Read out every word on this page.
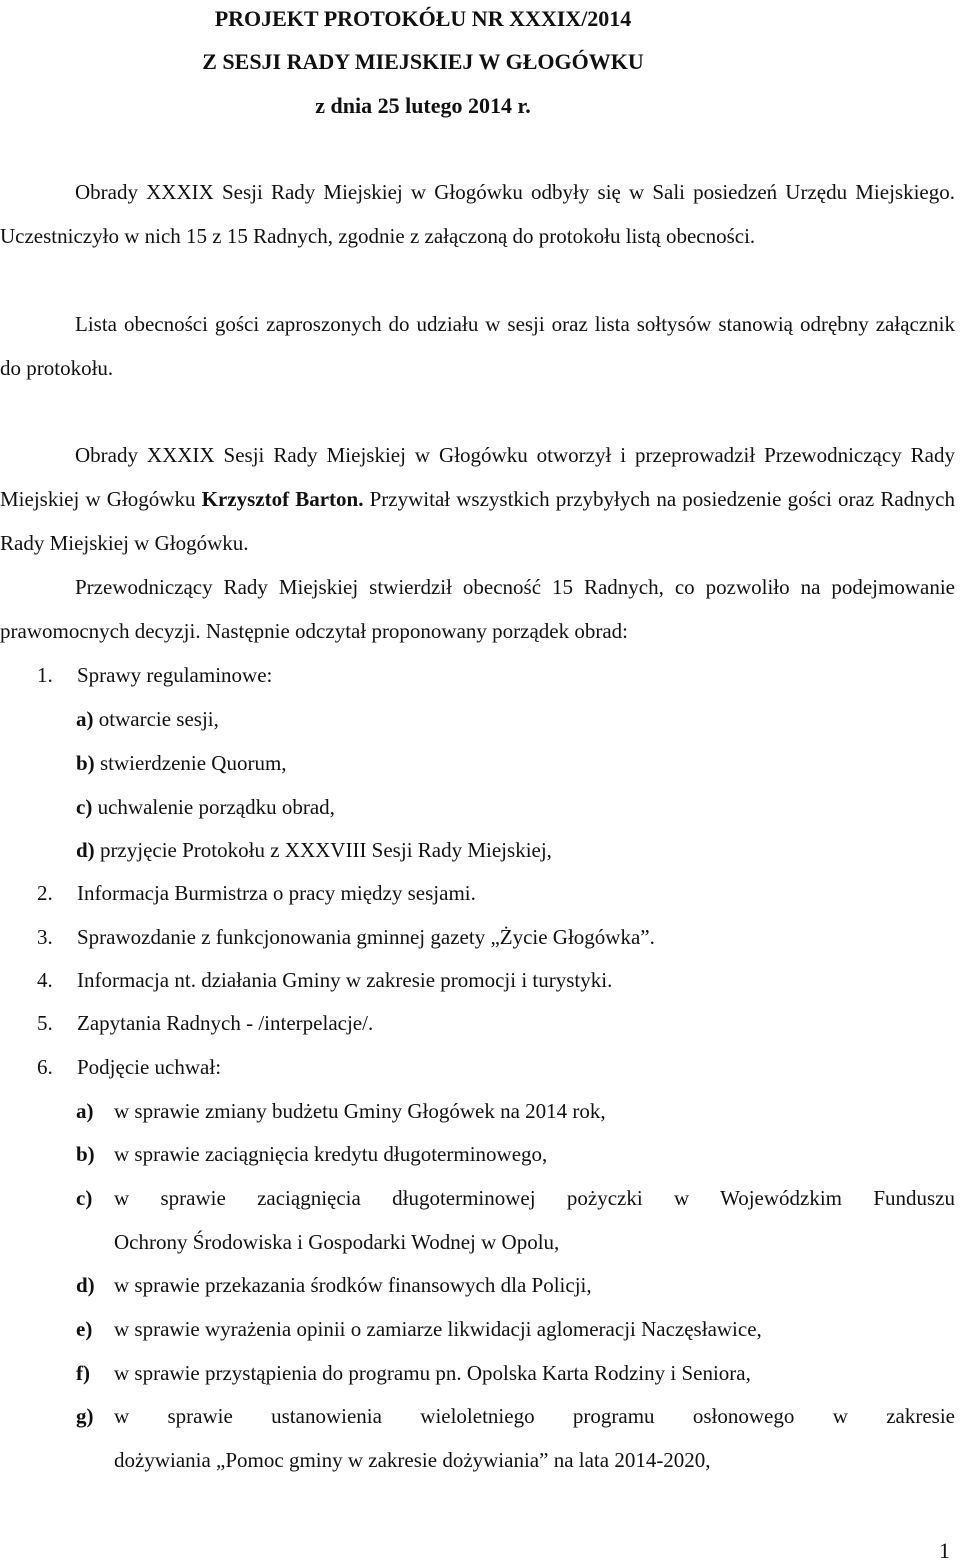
PROJEKT PROTOKÓŁU NR XXXIX/2014
Z SESJI RADY MIEJSKIEJ W GŁOGÓWKU
z dnia 25 lutego 2014 r.

Obrady XXXIX Sesji Rady Miejskiej w Głogówku odbyły się w Sali posiedzeń Urzędu Miejskiego. Uczestniczyło w nich 15 z 15 Radnych, zgodnie z załączoną do protokołu listą obecności.

Lista obecności gości zaproszonych do udziału w sesji oraz lista sołtysów stanowią odrębny załącznik do protokołu.

Obrady XXXIX Sesji Rady Miejskiej w Głogówku otworzył i przeprowadził Przewodniczący Rady Miejskiej w Głogówku Krzysztof Barton. Przywitał wszystkich przybyłych na posiedzenie gości oraz Radnych Rady Miejskiej w Głogówku.

Przewodniczący Rady Miejskiej stwierdził obecność 15 Radnych, co pozwoliło na podejmowanie prawomocnych decyzji. Następnie odczytał proponowany porządek obrad:

1. Sprawy regulaminowe:
a) otwarcie sesji,
b) stwierdzenie Quorum,
c) uchwalenie porządku obrad,
d) przyjęcie Protokołu z XXXVIII Sesji Rady Miejskiej,
2. Informacja Burmistrza o pracy między sesjami.
3. Sprawozdanie z funkcjonowania gminnej gazety „Życie Głogówka”.
4. Informacja nt. działania Gminy w zakresie promocji i turystyki.
5. Zapytania Radnych - /interpelacje/.
6. Podjęcie uchwał:
a) w sprawie zmiany budżetu Gminy Głogówek na 2014 rok,
b) w sprawie zaciągnięcia kredytu długoterminowego,
c) w sprawie zaciągnięcia długoterminowej pożyczki w Wojewódzkim Funduszu
Ochrony Środowiska i Gospodarki Wodnej w Opolu,
d) w sprawie przekazania środków finansowych dla Policji,
e) w sprawie wyrażenia opinii o zamiarze likwidacji aglomeracji Naczęsławice,
f) w sprawie przystąpienia do programu pn. Opolska Karta Rodziny i Seniora,
g) w sprawie ustanowienia wieloletniego programu osłonowego w zakresie
dożywiania „Pomoc gminy w zakresie dożywiania” na lata 2014-2020,
1
